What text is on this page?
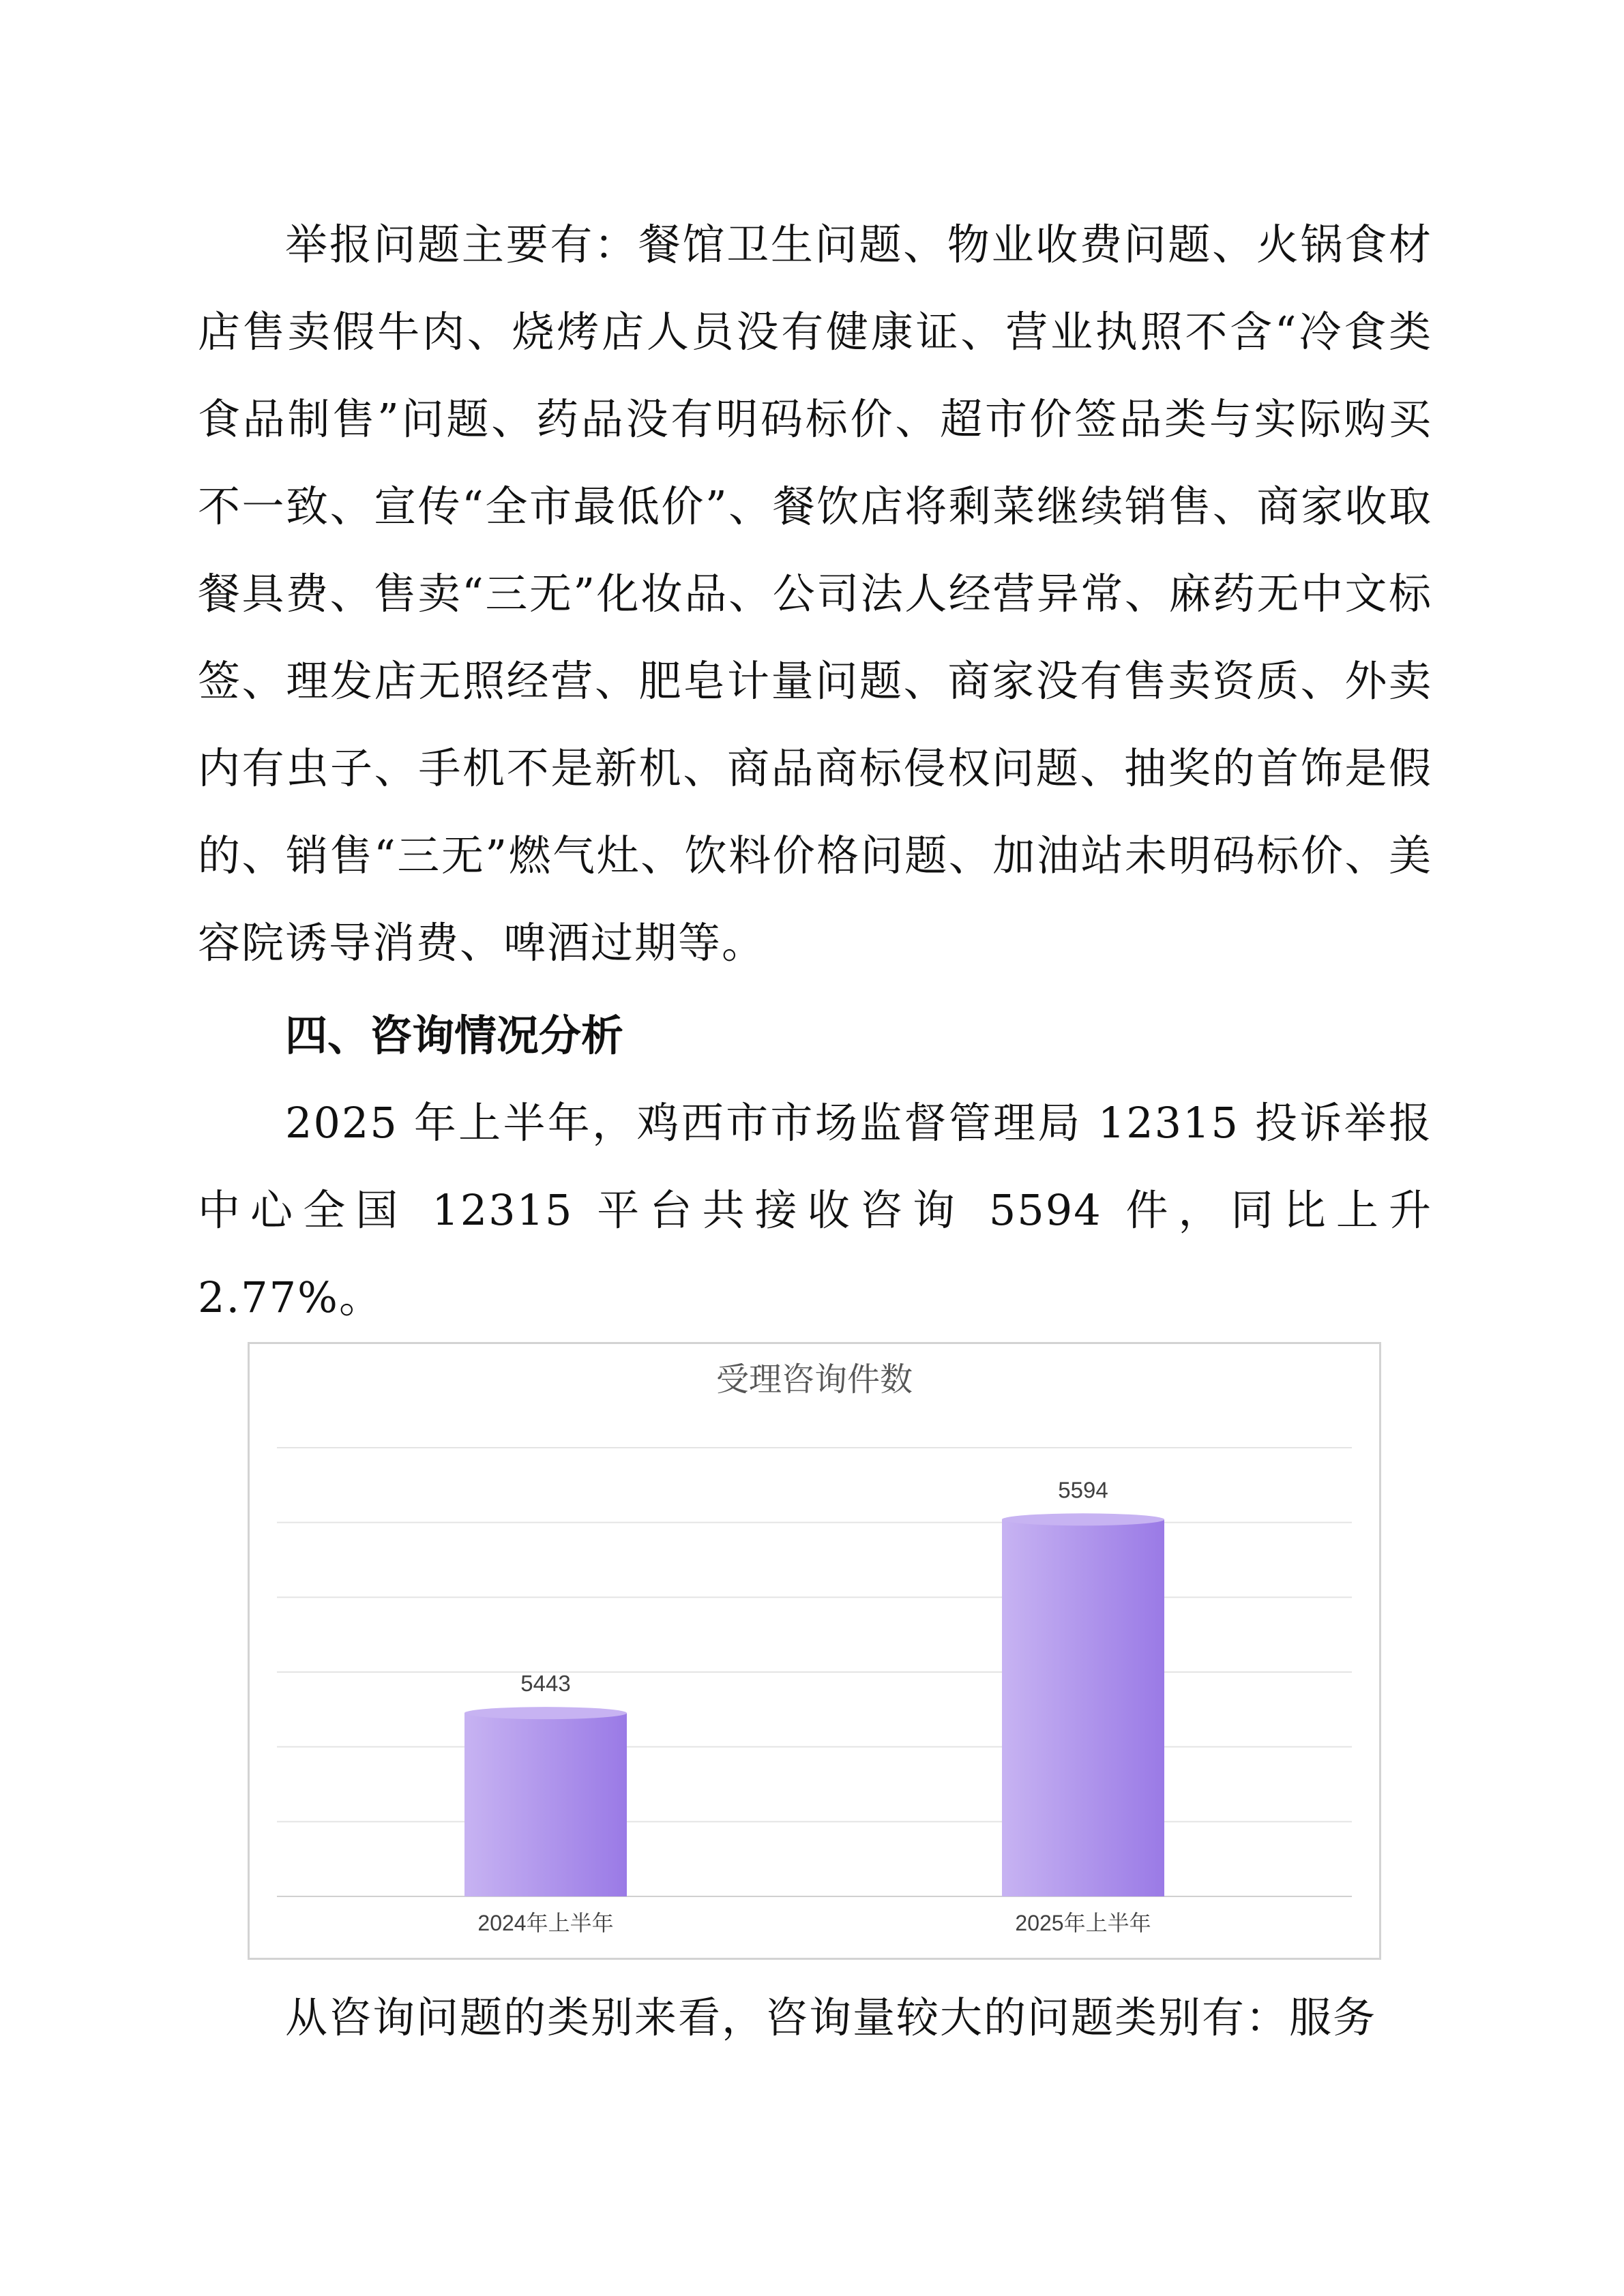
举报问题主要有：餐馆卫生问题、物业收费问题、火锅食材店售卖假牛肉、烧烤店人员没有健康证、营业执照不含“冷食类食品制售”问题、药品没有明码标价、超市价签品类与实际购买不一致、宣传“全市最低价”、餐饮店将剩菜继续销售、商家收取餐具费、售卖“三无”化妆品、公司法人经营异常、麻药无中文标签、理发店无照经营、肥皂计量问题、商家没有售卖资质、外卖内有虫子、手机不是新机、商品商标侵权问题、抽奖的首饰是假的、销售“三无”燃气灶、饮料价格问题、加油站未明码标价、美容院诱导消费、啤酒过期等。

四、咨询情况分析

2025 年上半年，鸡西市市场监督管理局 12315 投诉举报中心全国 12315 平台共接收咨询 5594 件，同比上升 2.77%。

受理咨询件数
5443
5594
2024年上半年	2025年上半年

从咨询问题的类别来看，咨询量较大的问题类别有：服务
